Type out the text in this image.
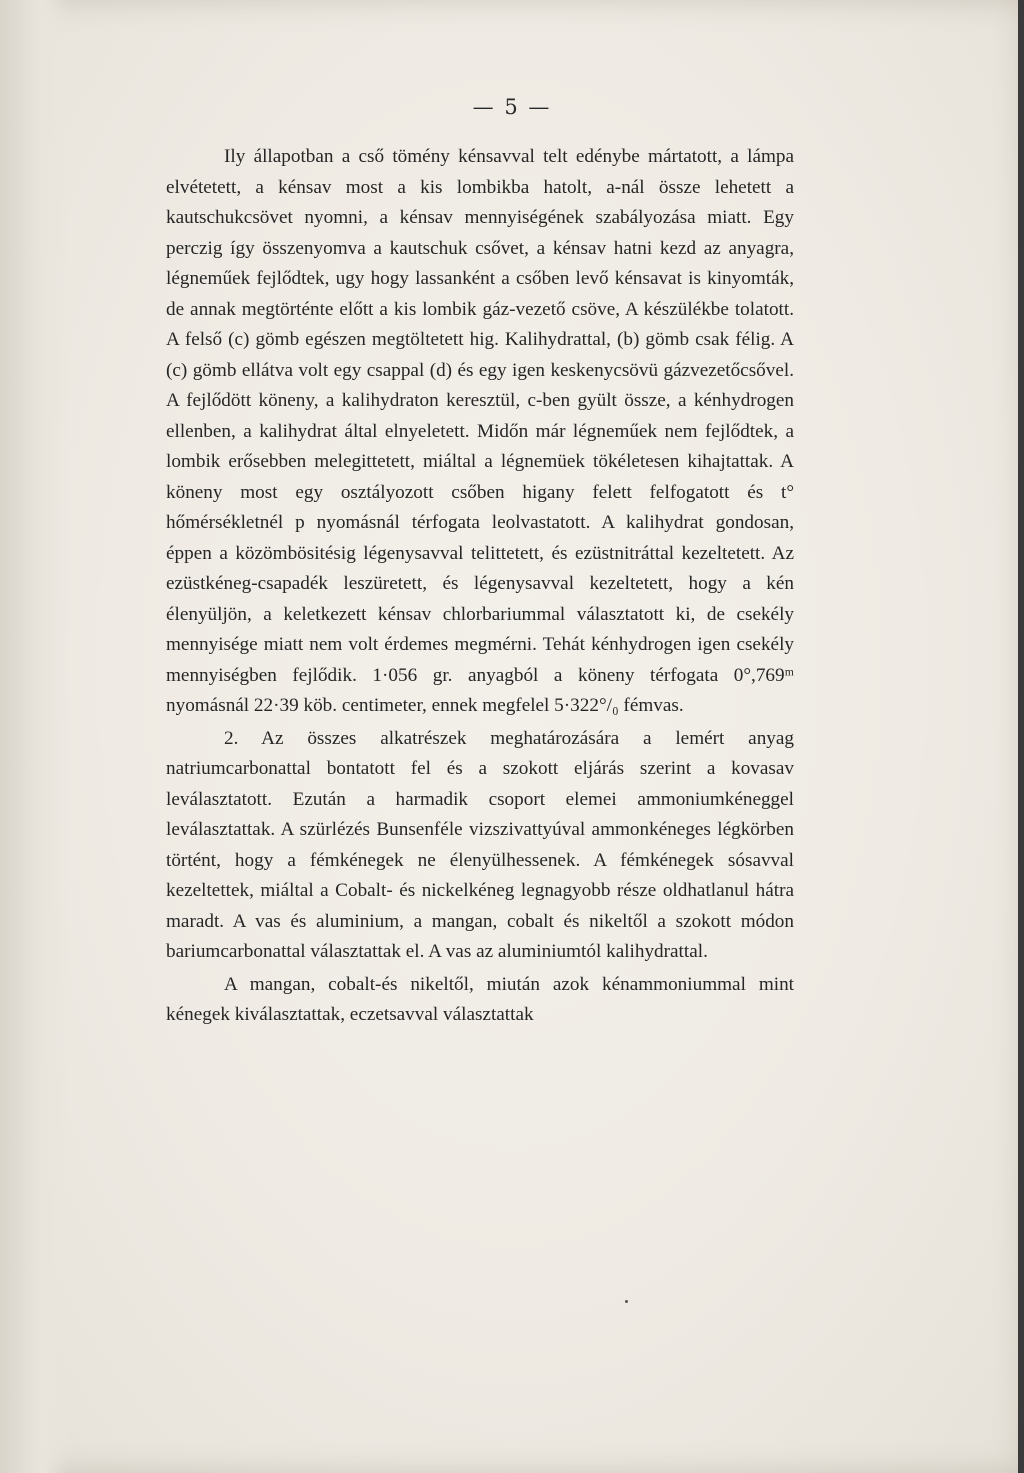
— 5 —

Ily állapotban a cső tömény kénsavval telt edénybe mártatott, a lámpa elvétetett, a kénsav most a kis lombikba hatolt, a-nál össze lehetett a kautschukcsövet nyomni, a kénsav mennyiségének szabályozása miatt. Egy perczig így összenyomva a kautschuk csővet, a kénsav hatni kezd az anyagra, légneműek fejlődtek, ugy hogy lassanként a csőben levő kénsavat is kinyomták, de annak megtörténte előtt a kis lombik gáz-vezető csöve, A készülékbe tolatott. A felső (c) gömb egészen megtöltetett hig. Kalihydrattal, (b) gömb csak félig. A (c) gömb ellátva volt egy csappal (d) és egy igen keskenycsövü gázvezetőcsővel. A fejlődött köneny, a kalihydraton keresztül, c-ben gyült össze, a kénhydrogen ellenben, a kalihydrat által elnyeletett. Midőn már légneműek nem fejlődtek, a lombik erősebben melegittetett, miáltal a légnemüek tökéletesen kihajtattak. A köneny most egy osztályozott csőben higany felett felfogatott és t° hőmérsékletnél p nyomásnál térfogata leolvastatott. A kalihydrat gondosan, éppen a közömbösitésig légenysavval telittetett, és ezüstnitráttal kezeltetett. Az ezüstkéneg-csapadék leszüretett, és légenysavval kezeltetett, hogy a kén élenyüljön, a keletkezett kénsav chlorbariummal választatott ki, de csekély mennyisége miatt nem volt érdemes megmérni. Tehát kénhydrogen igen csekély mennyiségben fejlődik. 1·056 gr. anyagból a köneny térfogata 0°,769ᵐ nyomásnál 22·39 köb. centimeter, ennek megfelel 5·322°/₀ fémvas.

2. Az összes alkatrészek meghatározására a lemért anyag natriumcarbonattal bontatott fel és a szokott eljárás szerint a kovasav leválasztatott. Ezután a harmadik csoport elemei ammoniumkéneggel leválasztattak. A szürlézés Bunsenféle vizszivattyúval ammonkéneges légkörben történt, hogy a fémkénegek ne élenyülhessenek. A fémkénegek sósavval kezeltettek, miáltal a Cobalt- és nickelkéneg legnagyobb része oldhatlanul hátra maradt. A vas és aluminium, a mangan, cobalt és nikeltől a szokott módon bariumcarbonattal választattak el. A vas az aluminiumtól kalihydrattal.

A mangan, cobalt-és nikeltől, miután azok kénammoniummal mint kénegek kiválasztattak, eczetsavval választattak
